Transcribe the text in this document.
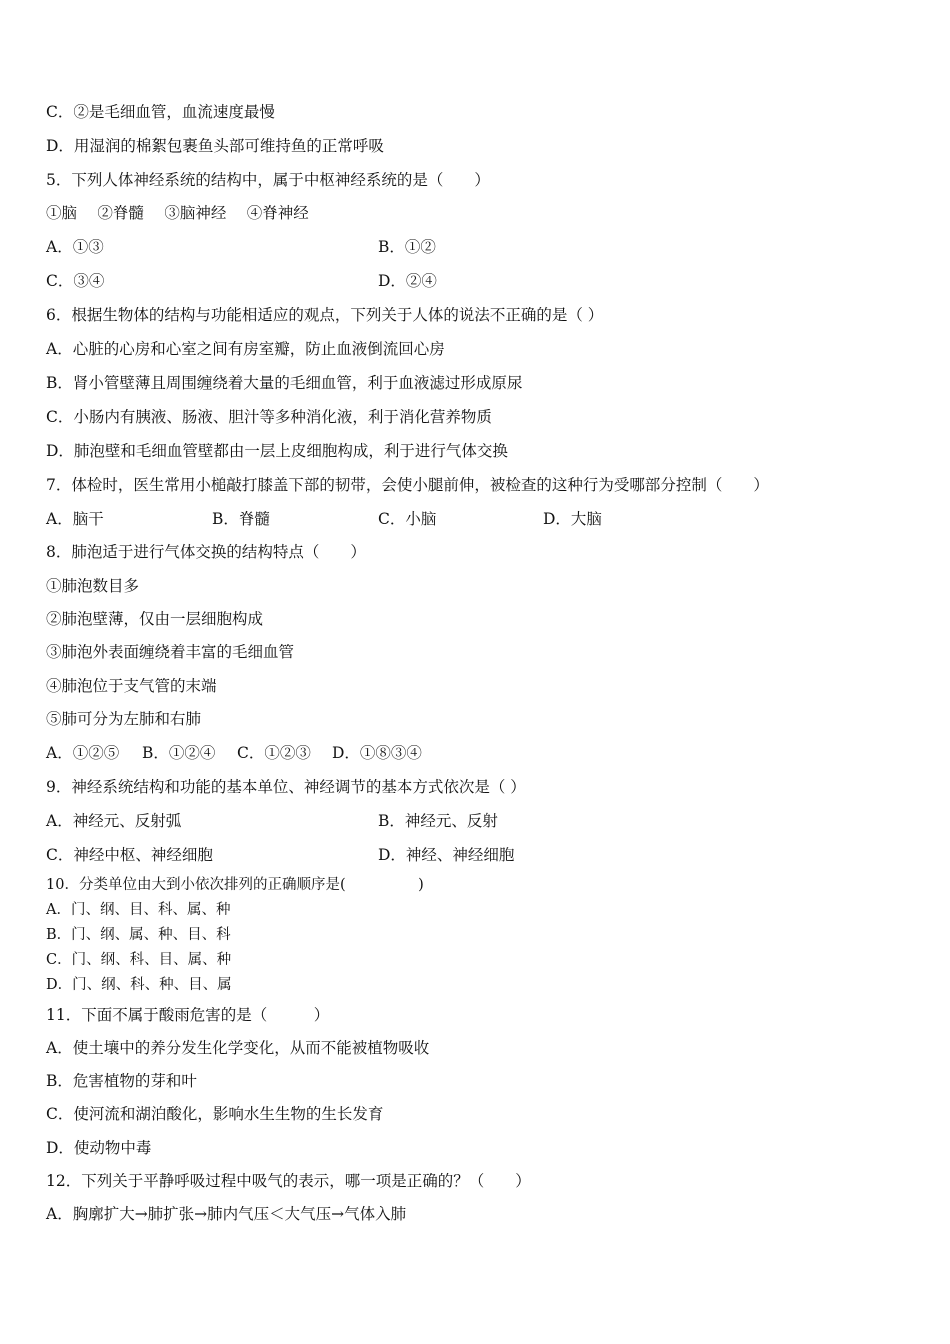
C．②是毛细血管，血流速度最慢
D．用湿润的棉絮包裹鱼头部可维持鱼的正常呼吸
5．下列人体神经系统的结构中，属于中枢神经系统的是（　　）
①脑　 ②脊髓　 ③脑神经　 ④脊神经
A．①③	B．①②
C．③④	D．②④
6．根据生物体的结构与功能相适应的观点，下列关于人体的说法不正确的是（ ）
A．心脏的心房和心室之间有房室瓣，防止血液倒流回心房
B．肾小管壁薄且周围缠绕着大量的毛细血管，利于血液滤过形成原尿
C．小肠内有胰液、肠液、胆汁等多种消化液，利于消化营养物质
D．肺泡壁和毛细血管壁都由一层上皮细胞构成，利于进行气体交换
7．体检时，医生常用小槌敲打膝盖下部的韧带，会使小腿前伸，被检查的这种行为受哪部分控制（　　）
A．脑干	B．脊髓	C．小脑	D．大脑
8．肺泡适于进行气体交换的结构特点（　　）
①肺泡数目多
②肺泡壁薄，仅由一层细胞构成
③肺泡外表面缠绕着丰富的毛细血管
④肺泡位于支气管的末端
⑤肺可分为左肺和右肺
A．①②⑤ B．①②④ C．①②③ D．①⑧③④
9．神经系统结构和功能的基本单位、神经调节的基本方式依次是（ ）
A．神经元、反射弧	B．神经元、反射
C．神经中枢、神经细胞	D．神经、神经细胞
10．分类单位由大到小依次排列的正确顺序是(　　　　　)
A．门、纲、目、科、属、种
B．门、纲、属、种、目、科
C．门、纲、科、目、属、种
D．门、纲、科、种、目、属
11．下面不属于酸雨危害的是（　　　）
A．使土壤中的养分发生化学变化，从而不能被植物吸收
B．危害植物的芽和叶
C．使河流和湖泊酸化，影响水生生物的生长发育
D．使动物中毒
12．下列关于平静呼吸过程中吸气的表示，哪一项是正确的？（　　）
A．胸廓扩大→肺扩张→肺内气压＜大气压→气体入肺
